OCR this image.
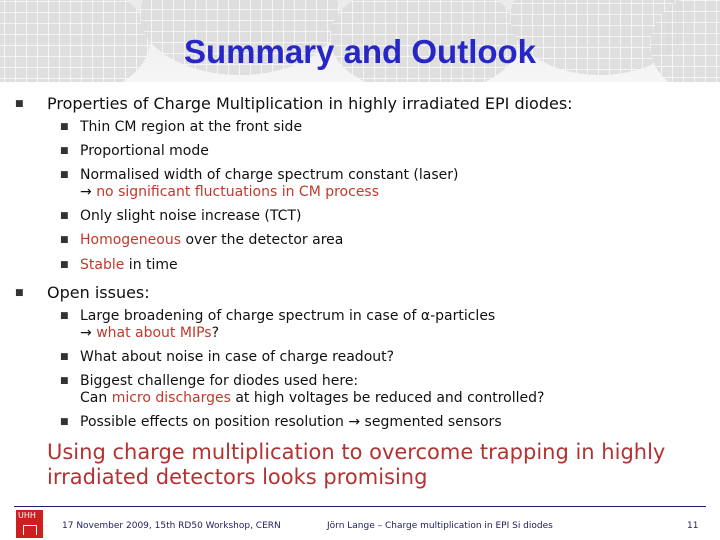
Summary and Outlook
■ Properties of Charge Multiplication in highly irradiated EPI diodes:
■ Thin CM region at the front side
■ Proportional mode
■ Normalised width of charge spectrum constant (laser)
→ no significant fluctuations in CM process
■ Only slight noise increase (TCT)
■ Homogeneous over the detector area
■ Stable in time
■ Open issues:
■ Large broadening of charge spectrum in case of α-particles
→ what about MIPs?
■ What about noise in case of charge readout?
■ Biggest challenge for diodes used here:
Can micro discharges at high voltages be reduced and controlled?
■ Possible effects on position resolution → segmented sensors
Using charge multiplication to overcome trapping in highly
irradiated detectors looks promising
UHH
17 November 2009, 15th RD50 Workshop, CERN	Jörn Lange – Charge multiplication in EPI Si diodes	11
